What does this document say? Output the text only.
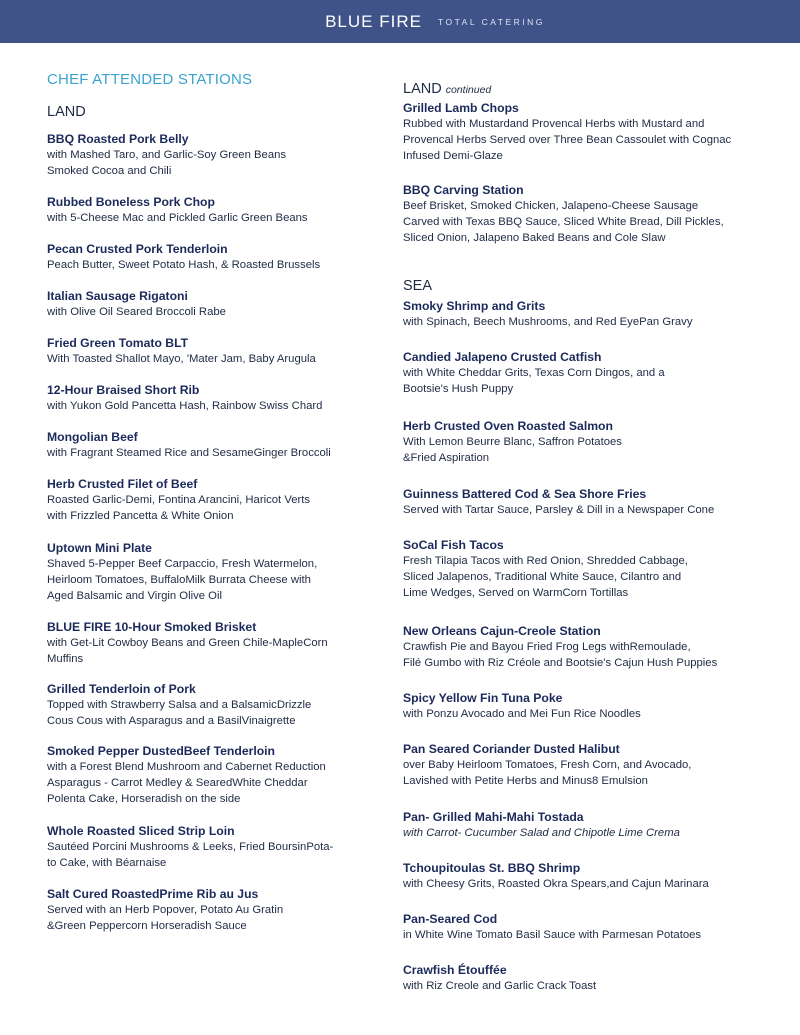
BLUE FIRE TOTAL CATERING
CHEF ATTENDED STATIONS
LAND
BBQ Roasted Pork Belly
with Mashed Taro, and Garlic-Soy Green Beans
Smoked Cocoa and Chili
Rubbed Boneless Pork Chop
with 5-Cheese Mac and Pickled Garlic Green Beans
Pecan Crusted Pork Tenderloin
Peach Butter, Sweet Potato Hash, & Roasted Brussels
Italian Sausage Rigatoni
with Olive Oil Seared Broccoli Rabe
Fried Green Tomato BLT
With Toasted Shallot Mayo, 'Mater Jam, Baby Arugula
12-Hour Braised Short Rib
with Yukon Gold Pancetta Hash, Rainbow Swiss Chard
Mongolian Beef
with Fragrant Steamed Rice and SesameGinger Broccoli
Herb Crusted Filet of Beef
Roasted Garlic-Demi, Fontina Arancini, Haricot Verts
with Frizzled Pancetta & White Onion
Uptown Mini Plate
Shaved 5-Pepper Beef Carpaccio, Fresh Watermelon,
Heirloom Tomatoes, BuffaloMilk Burrata Cheese with
Aged Balsamic and Virgin Olive Oil
BLUE FIRE 10-Hour Smoked Brisket
with Get-Lit Cowboy Beans and Green Chile-MapleCorn
Muffins
Grilled Tenderloin of Pork
Topped with Strawberry Salsa and a BalsamicDrizzle
Cous Cous with Asparagus and a BasilVinaigrette
Smoked Pepper DustedBeef Tenderloin
with a Forest Blend Mushroom and Cabernet Reduction
Asparagus - Carrot Medley & SearedWhite Cheddar
Polenta Cake, Horseradish on the side
Whole Roasted Sliced Strip Loin
Sautéed Porcini Mushrooms & Leeks, Fried BoursinPota-
to Cake, with Béarnaise
Salt Cured RoastedPrime Rib au Jus
Served with an Herb Popover, Potato Au Gratin
&Green Peppercorn Horseradish Sauce
LAND continued
Grilled Lamb Chops
Rubbed with Mustardand Provencal Herbs with Mustard and
Provencal Herbs Served over Three Bean Cassoulet with Cognac
Infused Demi-Glaze
BBQ Carving Station
Beef Brisket, Smoked Chicken, Jalapeno-Cheese Sausage
Carved with Texas BBQ Sauce, Sliced White Bread, Dill Pickles,
Sliced Onion, Jalapeno Baked Beans and Cole Slaw
SEA
Smoky Shrimp and Grits
with Spinach, Beech Mushrooms, and Red EyePan Gravy
Candied Jalapeno Crusted Catfish
with White Cheddar Grits, Texas Corn Dingos, and a
Bootsie's Hush Puppy
Herb Crusted Oven Roasted Salmon
With Lemon Beurre Blanc, Saffron Potatoes
&Fried Aspiration
Guinness Battered Cod & Sea Shore Fries
Served with Tartar Sauce, Parsley & Dill in a Newspaper Cone
SoCal Fish Tacos
Fresh Tilapia Tacos with Red Onion, Shredded Cabbage,
Sliced Jalapenos, Traditional White Sauce, Cilantro and
Lime Wedges, Served on WarmCorn Tortillas
New Orleans Cajun-Creole Station
Crawfish Pie and Bayou Fried Frog Legs withRemoulade,
Filé Gumbo with Riz Créole and Bootsie's Cajun Hush Puppies
Spicy Yellow Fin Tuna Poke
with Ponzu Avocado and Mei Fun Rice Noodles
Pan Seared Coriander Dusted Halibut
over Baby Heirloom Tomatoes, Fresh Corn, and Avocado,
Lavished with Petite Herbs and Minus8 Emulsion
Pan- Grilled Mahi-Mahi Tostada
with Carrot- Cucumber Salad and Chipotle Lime Crema
Tchoupitoulas St. BBQ Shrimp
with Cheesy Grits, Roasted Okra Spears,and Cajun Marinara
Pan-Seared Cod
in White Wine Tomato Basil Sauce with Parmesan Potatoes
Crawfish Étouffée
with Riz Creole and Garlic Crack Toast
